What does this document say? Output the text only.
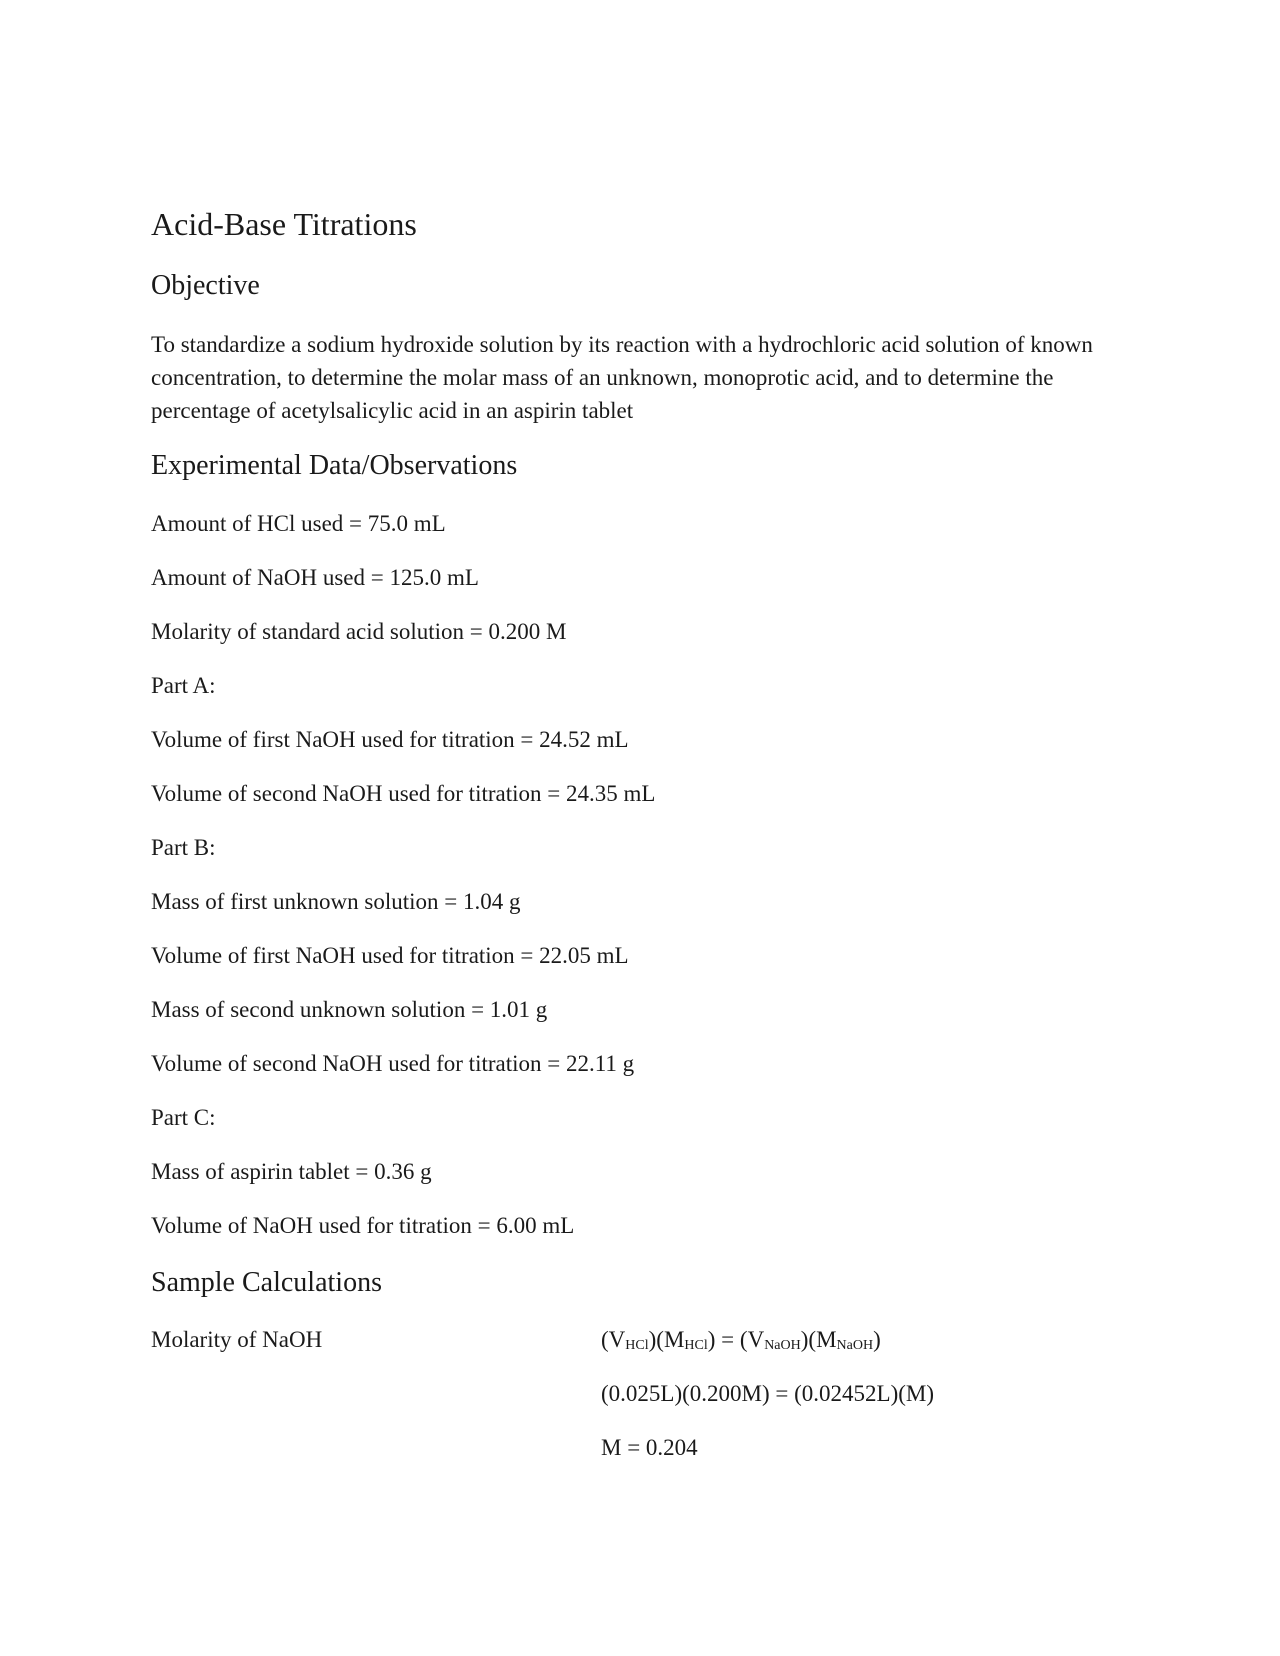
Acid-Base Titrations
Objective
To standardize a sodium hydroxide solution by its reaction with a hydrochloric acid solution of known concentration, to determine the molar mass of an unknown, monoprotic acid, and to determine the percentage of acetylsalicylic acid in an aspirin tablet
Experimental Data/Observations
Amount of HCl used = 75.0 mL
Amount of NaOH used = 125.0 mL
Molarity of standard acid solution = 0.200 M
Part A:
Volume of first NaOH used for titration = 24.52 mL
Volume of second NaOH used for titration = 24.35 mL
Part B:
Mass of first unknown solution = 1.04 g
Volume of first NaOH used for titration = 22.05 mL
Mass of second unknown solution = 1.01 g
Volume of second NaOH used for titration = 22.11 g
Part C:
Mass of aspirin tablet = 0.36 g
Volume of NaOH used for titration = 6.00 mL
Sample Calculations
Molarity of NaOH	$(V_{HCl})(M_{HCl}) = (V_{NaOH})(M_{NaOH})$
(0.025L)(0.200M) = (0.02452L)(M)
M = 0.204
